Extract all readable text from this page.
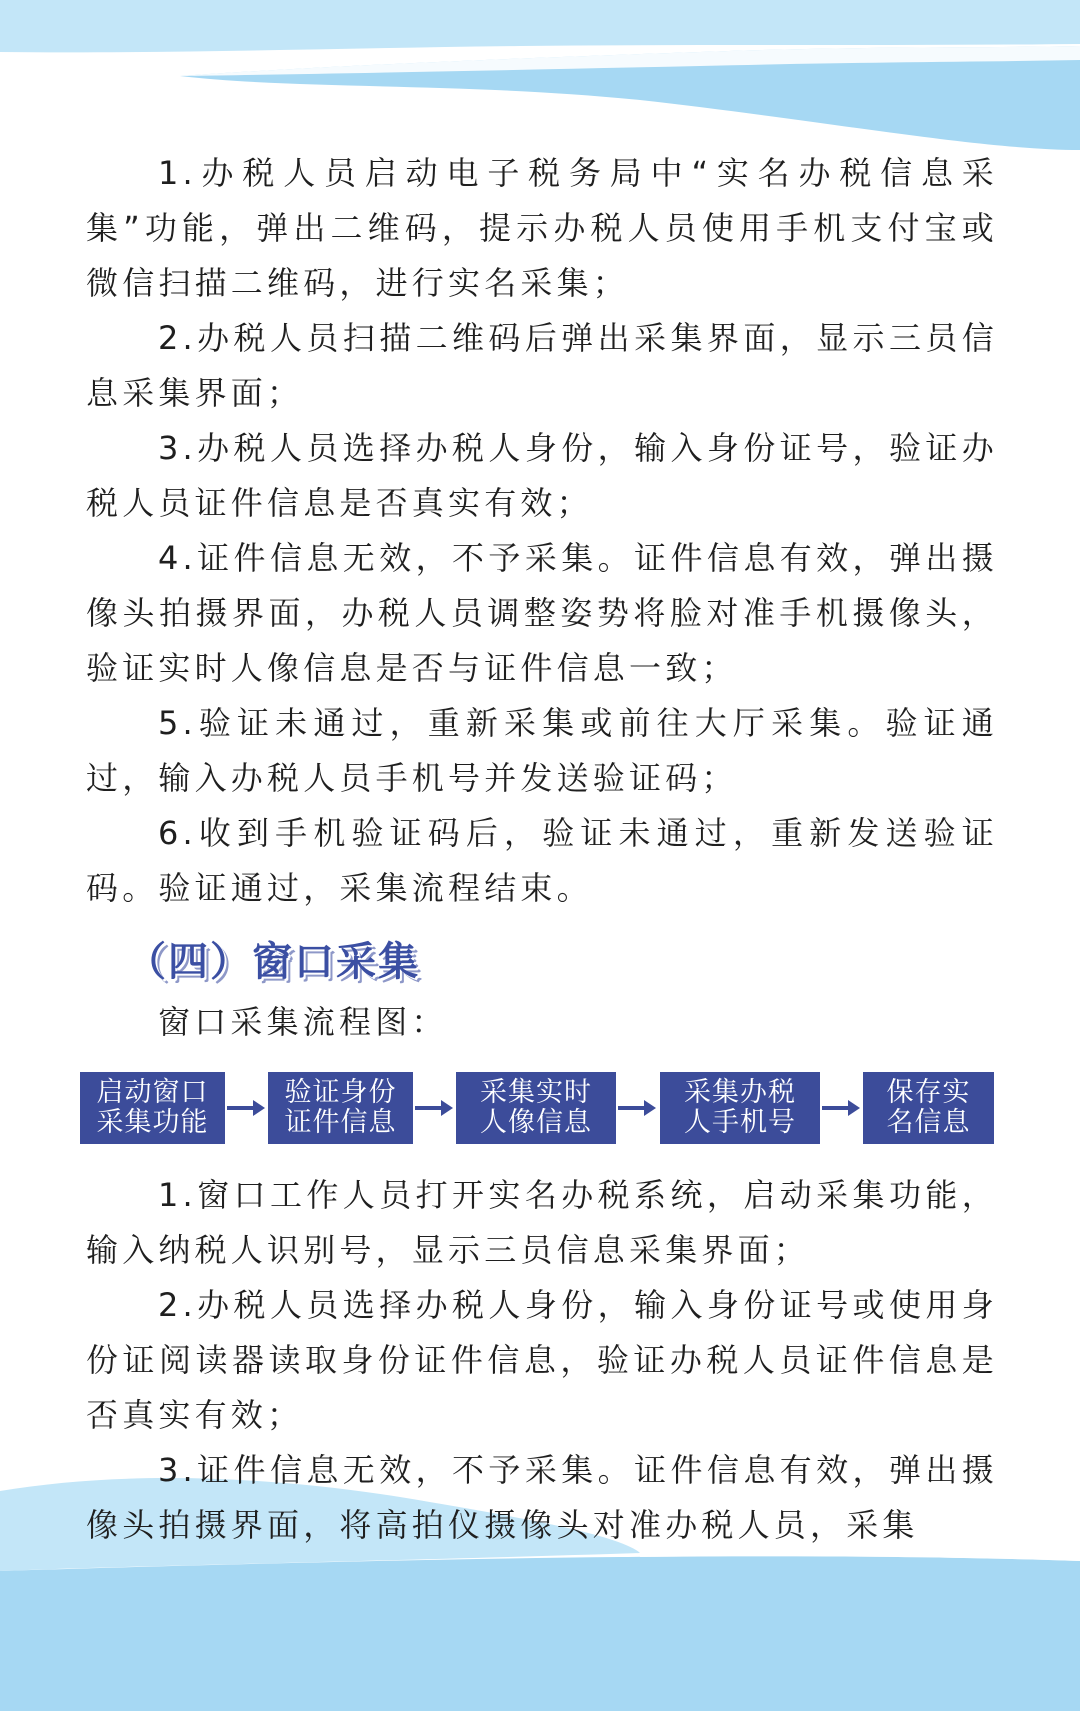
1.办税人员启动电子税务局中“实名办税信息采集”功能，弹出二维码，提示办税人员使用手机支付宝或微信扫描二维码，进行实名采集；

2.办税人员扫描二维码后弹出采集界面，显示三员信息采集界面；

3.办税人员选择办税人身份，输入身份证号，验证办税人员证件信息是否真实有效；

4.证件信息无效，不予采集。证件信息有效，弹出摄像头拍摄界面，办税人员调整姿势将脸对准手机摄像头，验证实时人像信息是否与证件信息一致；

5.验证未通过，重新采集或前往大厅采集。验证通过，输入办税人员手机号并发送验证码；

6.收到手机验证码后，验证未通过，重新发送验证码。验证通过，采集流程结束。

（四）窗口采集

窗口采集流程图：

启动窗口
采集功能
验证身份
证件信息
采集实时
人像信息
采集办税
人手机号
保存实
名信息

1.窗口工作人员打开实名办税系统，启动采集功能，输入纳税人识别号，显示三员信息采集界面；

2.办税人员选择办税人身份，输入身份证号或使用身份证阅读器读取身份证件信息，验证办税人员证件信息是否真实有效；

3.证件信息无效，不予采集。证件信息有效，弹出摄像头拍摄界面，将高拍仪摄像头对准办税人员，采集
